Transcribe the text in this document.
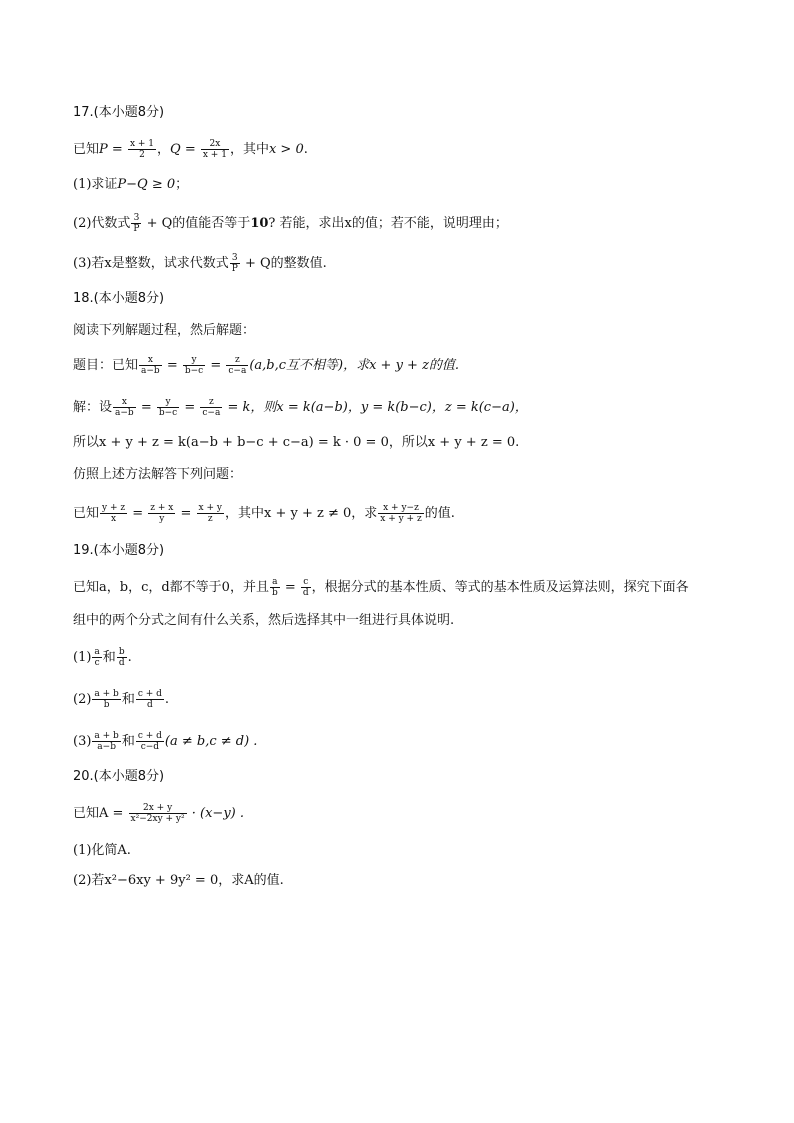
17.(本小题8分)
已知$P = \frac{x + 1}{2}$ ，$Q = \frac{2x}{x + 1}$ ，其中x > 0.
(1)求证P−Q ≥ 0；
(2)代数式 $\frac{3}{P} + Q$的值能否等于10? 若能，求出x的值；若不能，说明理由；
(3)若x是整数，试求代数式 $\frac{3}{P} + Q$的整数值.
18.(本小题8分)
阅读下列解题过程，然后解题：
题目：已知 $\frac{x}{a-b} = \frac{y}{b-c} = \frac{z}{c-a} (a,b,c$互不相等)，求x + y + z的值.
解：设 $\frac{x}{a-b} = \frac{y}{b-c} = \frac{z}{c-a} = k$，则x = k(a−b)，y = k(b−c)，z = k(c−a)，
所以x + y + z = k(a−b + b−c + c−a) = k · 0 = 0，所以x + y + z = 0.
仿照上述方法解答下列问题：
已知 $\frac{y + z}{x} = \frac{z + x}{y} = \frac{x + y}{z}$ ，其中x + y + z ≠ 0，求 $\frac{x + y-z}{x + y + z}$ 的值.
19.(本小题8分)
已知a，b，c，d都不等于0，并且 $\frac{a}{b} = \frac{c}{d}$ ，根据分式的基本性质、等式的基本性质及运算法则，探究下面各
组中的两个分式之间有什么关系，然后选择其中一组进行具体说明.
$(1) \frac{a}{c}$ 和 $\frac{b}{d}$ .
$(2) \frac{a + b}{b}$ 和 $\frac{c + d}{d}$ .
$(3) \frac{a + b}{a-b}$ 和 $\frac{c + d}{c-d} (a \ne b,c \ne d)$ .
20.(本小题8分)
已知$A = \frac{2x + y}{\text{x²−2xy + y²}} \cdot (x-y)$ .
(1)化简A.
(2)若x²−6xy + 9y² = 0，求A的值.
